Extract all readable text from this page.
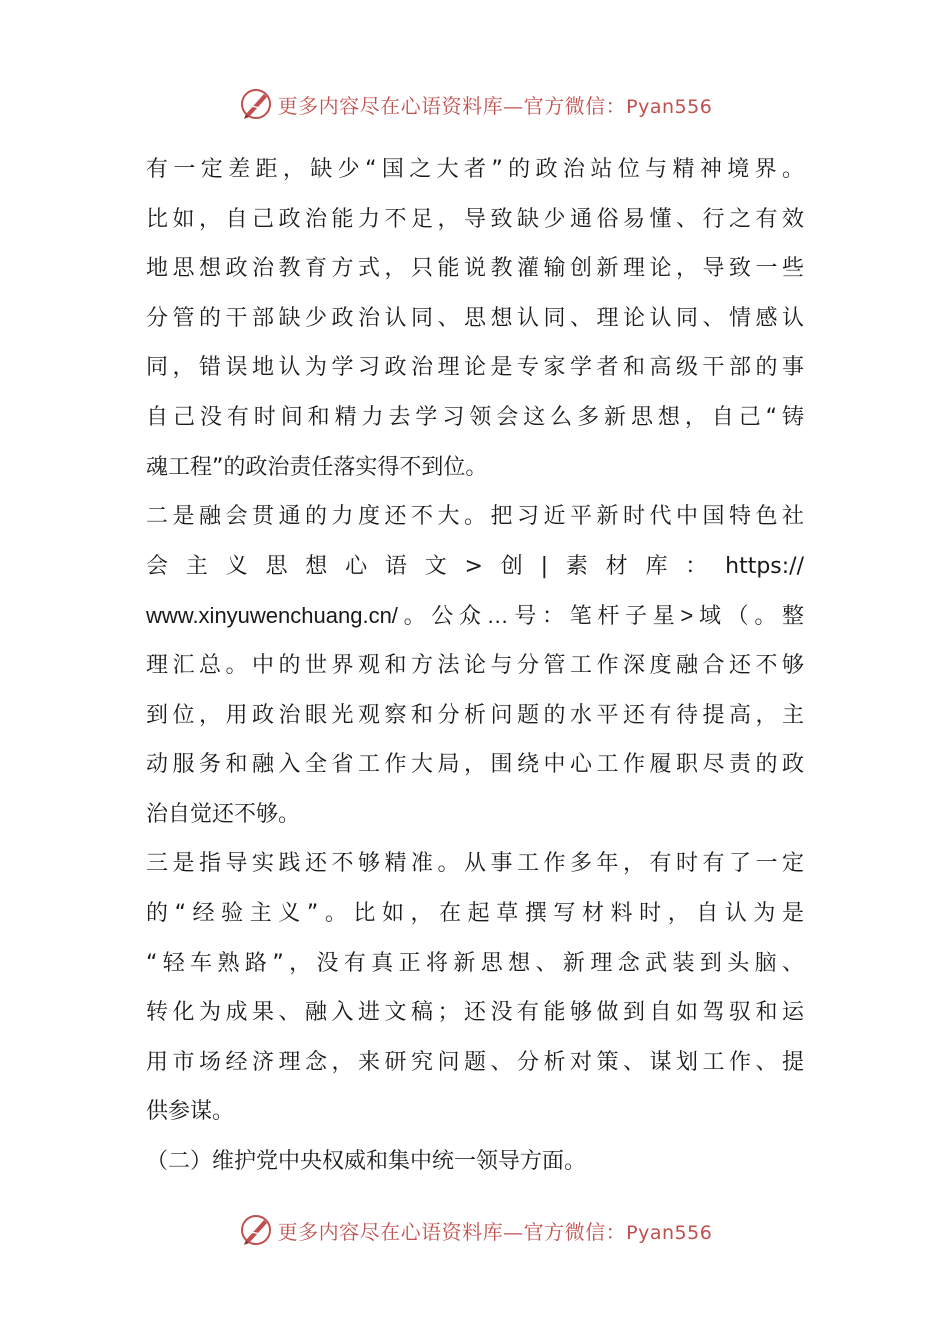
更多内容尽在心语资料库—官方微信：Pyan556
有一定差距，缺少“国之大者”的政治站位与精神境界。
比如，自己政治能力不足，导致缺少通俗易懂、行之有效
地思想政治教育方式，只能说教灌输创新理论，导致一些
分管的干部缺少政治认同、思想认同、理论认同、情感认
同，错误地认为学习政治理论是专家学者和高级干部的事
自己没有时间和精力去学习领会这么多新思想，自己“铸
魂工程”的政治责任落实得不到位。
二是融会贯通的力度还不大。把习近平新时代中国特色社
会主义思想心语文>创|素材库：https://
www.xinyuwenchuang.cn/。公众…号：笔杆子星>域（。整
理汇总。中的世界观和方法论与分管工作深度融合还不够
到位，用政治眼光观察和分析问题的水平还有待提高，主
动服务和融入全省工作大局，围绕中心工作履职尽责的政
治自觉还不够。
三是指导实践还不够精准。从事工作多年，有时有了一定
的“经验主义”。比如，在起草撰写材料时，自认为是
“轻车熟路”，没有真正将新思想、新理念武装到头脑、
转化为成果、融入进文稿；还没有能够做到自如驾驭和运
用市场经济理念，来研究问题、分析对策、谋划工作、提
供参谋。
（二）维护党中央权威和集中统一领导方面。
更多内容尽在心语资料库—官方微信：Pyan556
